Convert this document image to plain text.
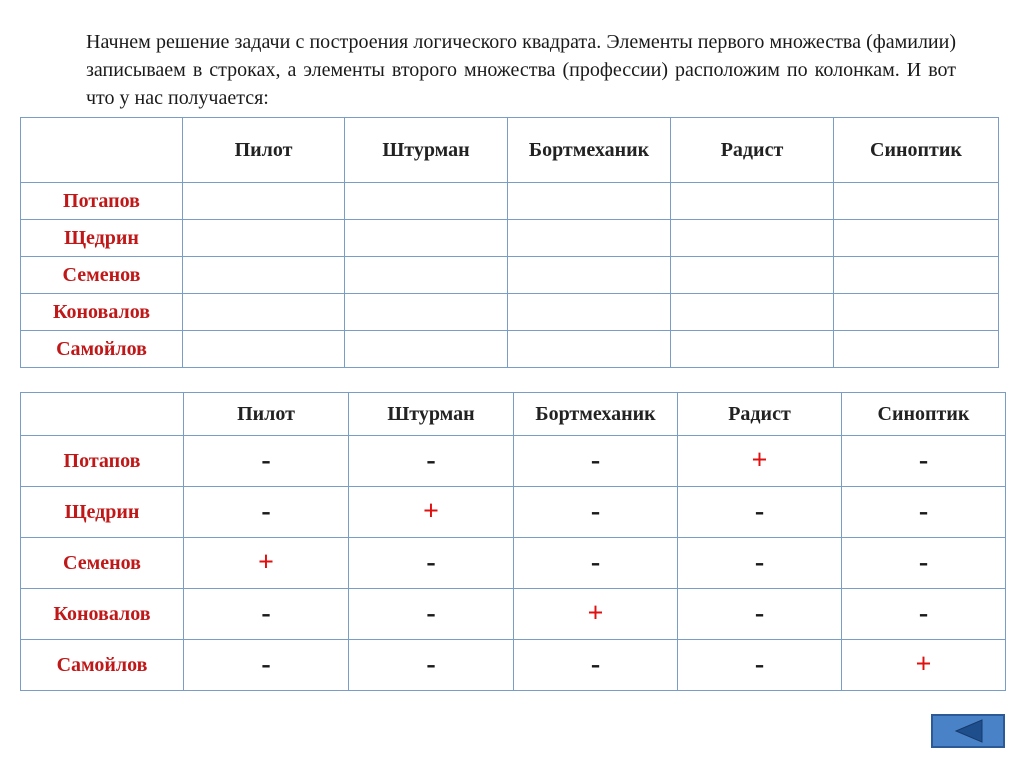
Начнем решение задачи с построения логического квадрата. Элементы первого множества (фамилии) записываем в строках, а элементы второго множества (профессии) расположим по колонкам. И вот что у нас получается:

	Пилот	Штурман	Бортмеханик	Радист	Синоптик
Потапов					
Щедрин					
Семенов					
Коновалов					
Самойлов					
	Пилот	Штурман	Бортмеханик	Радист	Синоптик
Потапов	-	-	-	+	-
Щедрин	-	+	-	-	-
Семенов	+	-	-	-	-
Коновалов	-	-	+	-	-
Самойлов	-	-	-	-	+
